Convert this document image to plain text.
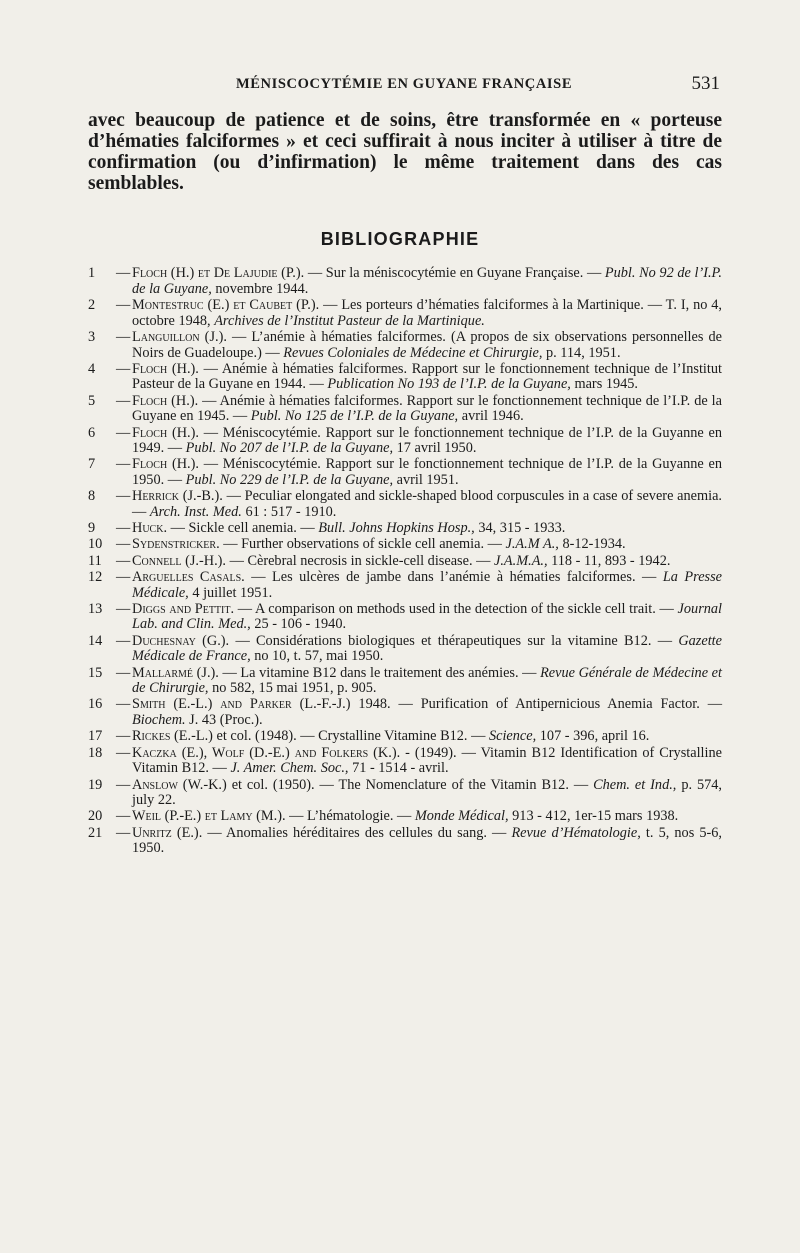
MÉNISCOCYTÉMIE EN GUYANE FRANÇAISE	531

avec beaucoup de patience et de soins, être transformée en « porteuse d’hématies falciformes » et ceci suffirait à nous inciter à utiliser à titre de confirmation (ou d’infirmation) le même traitement dans des cas semblables.

BIBLIOGRAPHIE
1	— Floch (H.) et De Lajudie (P.). — Sur la méniscocytémie en Guyane Française. — Publ. No 92 de l’I.P. de la Guyane, novembre 1944.
2	— Montestruc (E.) et Caubet (P.). — Les porteurs d’hématies falciformes à la Martinique. — T. I, no 4, octobre 1948, Archives de l’Institut Pasteur de la Martinique.
3	— Languillon (J.). — L’anémie à hématies falciformes. (A propos de six observations personnelles de Noirs de Guadeloupe.) — Revues Coloniales de Médecine et Chirurgie, p. 114, 1951.
4	— Floch (H.). — Anémie à hématies falciformes. Rapport sur le fonctionnement technique de l’Institut Pasteur de la Guyane en 1944. — Publication No 193 de l’I.P. de la Guyane, mars 1945.
5	— Floch (H.). — Anémie à hématies falciformes. Rapport sur le fonctionnement technique de l’I.P. de la Guyane en 1945. — Publ. No 125 de l’I.P. de la Guyane, avril 1946.
6	— Floch (H.). — Méniscocytémie. Rapport sur le fonctionnement technique de l’I.P. de la Guyanne en 1949. — Publ. No 207 de l’I.P. de la Guyane, 17 avril 1950.
7	— Floch (H.). — Méniscocytémie. Rapport sur le fonctionnement technique de l’I.P. de la Guyanne en 1950. — Publ. No 229 de l’I.P. de la Guyane, avril 1951.
8	— Herrick (J.-B.). — Peculiar elongated and sickle-shaped blood corpuscules in a case of severe anemia. — Arch. Inst. Med. 61 : 517 - 1910.
9	— Huck. — Sickle cell anemia. — Bull. Johns Hopkins Hosp., 34, 315 - 1933.
10 — Sydenstricker. — Further observations of sickle cell anemia. — J.A.M A., 8-12-1934.
11 — Connell (J.-H.). — Cèrebral necrosis in sickle-cell disease. — J.A.M.A., 118 - 11, 893 - 1942.
12 — Arguelles Casals. — Les ulcères de jambe dans l’anémie à hématies falciformes. — La Presse Médicale, 4 juillet 1951.
13 — Diggs and Pettit. — A comparison on methods used in the detection of the sickle cell trait. — Journal Lab. and Clin. Med., 25 - 106 - 1940.
14 — Duchesnay (G.). — Considérations biologiques et thérapeutiques sur la vitamine B12. — Gazette Médicale de France, no 10, t. 57, mai 1950.
15 — Mallarmé (J.). — La vitamine B12 dans le traitement des anémies. — Revue Générale de Médecine et de Chirurgie, no 582, 15 mai 1951, p. 905.
16 — Smith (E.-L.) and Parker (L.-F.-J.) 1948. — Purification of Antipernicious Anemia Factor. — Biochem. J. 43 (Proc.).
17 — Rickes (E.-L.) et col. (1948). — Crystalline Vitamine B12. — Science, 107 - 396, april 16.
18 — Kaczka (E.), Wolf (D.-E.) and Folkers (K.). - (1949). — Vitamin B12 Identification of Crystalline Vitamin B12. — J. Amer. Chem. Soc., 71 - 1514 - avril.
19 — Anslow (W.-K.) et col. (1950). — The Nomenclature of the Vitamin B12. — Chem. et Ind., p. 574, july 22.
20 — Weil (P.-E.) et Lamy (M.). — L’hématologie. — Monde Médical, 913 - 412, 1er-15 mars 1938.
21 — Unritz (E.). — Anomalies héréditaires des cellules du sang. — Revue d’Hématologie, t. 5, nos 5-6, 1950.
